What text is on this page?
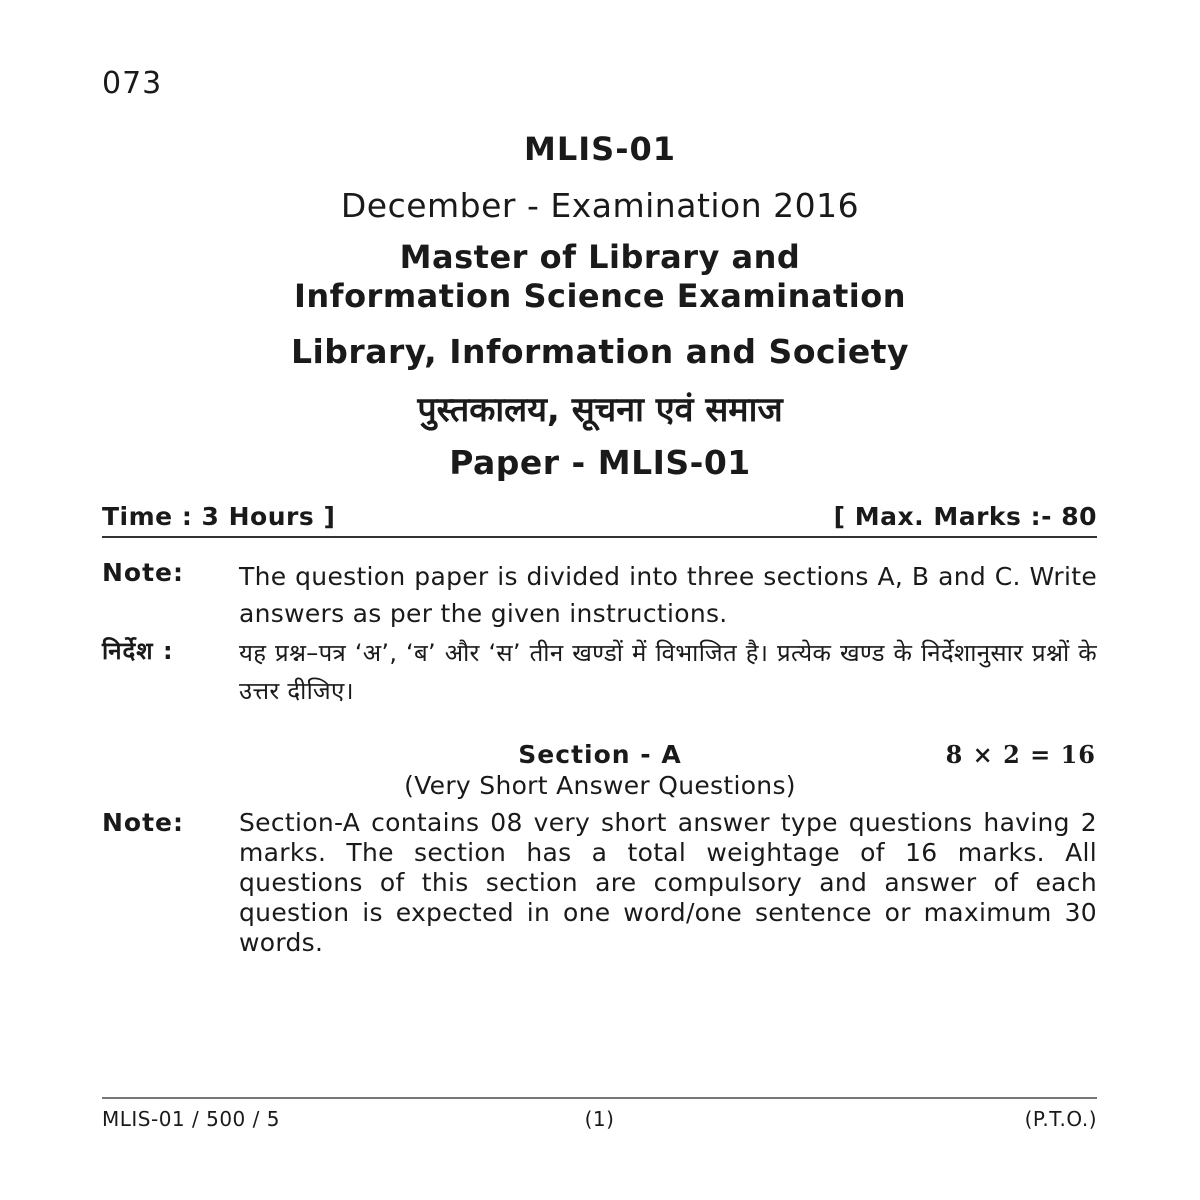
073
MLIS-01
December - Examination 2016
Master of Library and
Information Science Examination
Library, Information and Society
पुस्तकालय, सूचना एवं समाज
Paper - MLIS-01
Time : 3 Hours ]	[ Max. Marks :- 80
Note: The question paper is divided into three sections A, B and C. Write answers as per the given instructions.
निर्देश :	यह प्रश्न–पत्र ‘अ’, ‘ब’ और ‘स’ तीन खण्डों में विभाजित है। प्रत्येक खण्ड के निर्देशानुसार प्रश्नों के उत्तर दीजिए।
Section - A	8 × 2 = 16
(Very Short Answer Questions)
Note: Section-A contains 08 very short answer type questions having 2 marks. The section has a total weightage of 16 marks. All questions of this section are compulsory and answer of each question is expected in one word/one sentence or maximum 30 words.
MLIS-01 / 500 / 5	(1)	(P.T.O.)
